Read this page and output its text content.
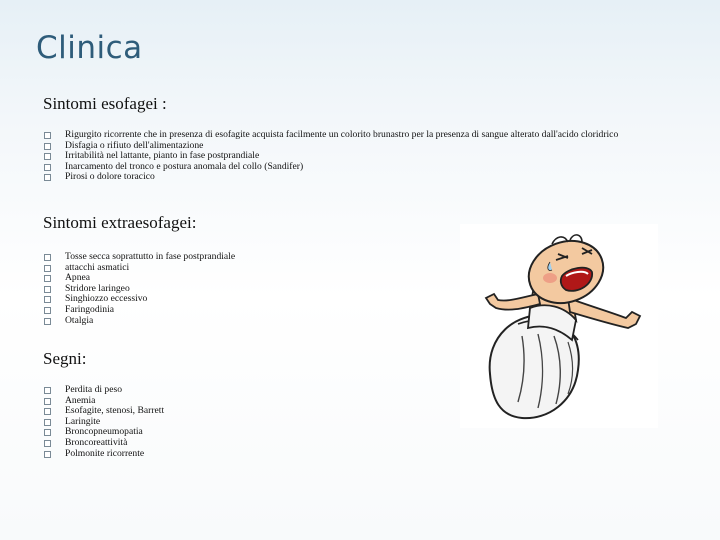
Clinica
Sintomi esofagei :
Rigurgito ricorrente che in presenza di esofagite acquista facilmente un colorito brunastro per la presenza di sangue alterato dall'acido cloridrico
Disfagia o rifiuto dell'alimentazione
Irritabilità nel lattante, pianto in fase postprandiale
Inarcamento del tronco e postura anomala del collo (Sandifer)
Pirosi o dolore toracico
Sintomi extraesofagei:
Tosse secca soprattutto in fase postprandiale
attacchi asmatici
Apnea
Stridore laringeo
Singhiozzo eccessivo
Faringodinia
Otalgia
Segni:
Perdita di peso
Anemia
Esofagite, stenosi, Barrett
Laringite
Broncopneumopatia
Broncoreattività
Polmonite ricorrente
